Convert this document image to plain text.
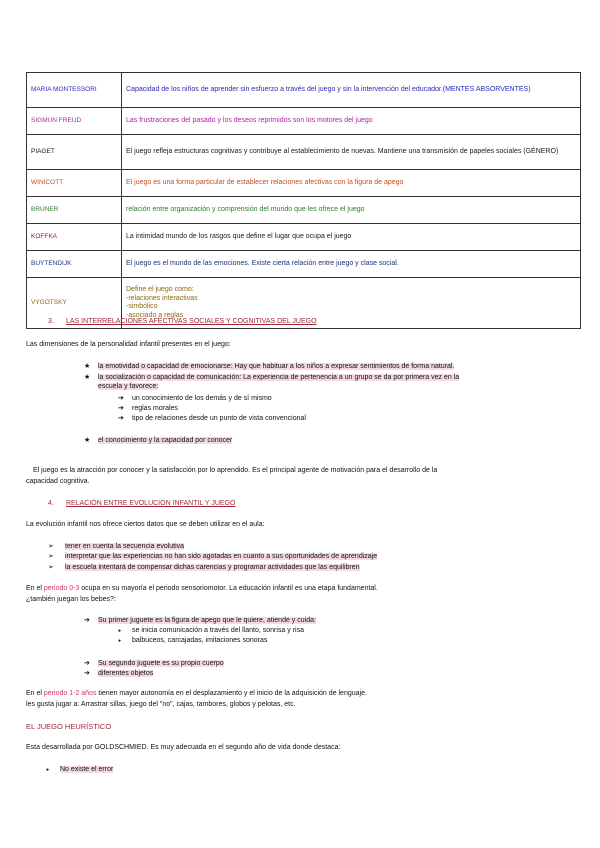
MARIA MONTESSORI	Capacidad de los niños de aprender sin esfuerzo a través del juego y sin la intervención del educador.(MENTES ABSORVENTES)
SIGMUN FREUD	Las frustraciones del pasado y los deseos reprimidos son los motores del juego
PIAGET	El juego refleja estructuras cognitivas y contribuye al establecimiento de nuevas. Mantiene una transmisión de papeles sociales (GÉNERO)
WINICOTT	El juego es una forma particular de establecer relaciones afectivas con la figura de apego
BRUNER	relación entre organización y comprensión del mundo que les ofrece el juego
KOFFKA	La intimidad mundo de los rasgos que define el lugar que ocupa el juego
BUYTENDIJK	El juego es el mundo de las emociones. Existe cierta relación entre juego y clase social.
VYGOTSKY	Define el juego como:
-relaciones interactivas
-simbólico
-asociado a reglas
3. LAS INTERRELACIONES AFECTIVAS SOCIALES Y COGNITIVAS DEL JUEGO
Las dimensiones de la personalidad infantil presentes en el juego:
★ la emotividad o capacidad de emocionarse: Hay que habituar a los niños a expresar sentimientos de forma natural.
★ la socialización o capacidad de comunicación: La experiencia de pertenencia a un grupo se da por primera vez en la
escuela y favorece:
➔ un conocimiento de los demás y de sí mismo
➔ reglas morales
➔ tipo de relaciones desde un punto de vista convencional
★ el conocimiento y la capacidad por conocer
El juego es la atracción por conocer y la satisfacción por lo aprendido. Es el principal agente de motivación para el desarrollo de la
capacidad cognitiva.
4. RELACIÓN ENTRE EVOLUCIÓN INFANTIL Y JUEGO
La evolución infantil nos ofrece ciertos datos que se deben utilizar en el aula:
➢ tener en cuenta la secuencia evolutiva
➢ interpretar que las experiencias no han sido agotadas en cuanto a sus oportunidades de aprendizaje
➢ la escuela intentará de compensar dichas carencias y programar actividades que las equilibren
En el periodo 0-3 ocupa en su mayoría el periodo sensoriomotor. La educación infantil es una etapa fundamental.
¿también juegan los bebes?:
➔ Su primer juguete es la figura de apego que le quiere, atiende y cuida:
● se inicia comunicación a través del llanto, sonrisa y risa
● balbuceos, carcajadas, imitaciones sonoras
➔ Su segundo juguete es su propio cuerpo
➔ diferentes objetos
En el periodo 1-2 años tienen mayor autonomía en el desplazamiento y el inicio de la adquisición de lenguaje.
les gusta jugar a: Arrastrar sillas, juego del "no", cajas, tambores, globos y pelotas, etc.
EL JUEGO HEURÍSTICO
Esta desarrollada por GOLDSCHMIED. Es muy adecuada en el segundo año de vida donde destaca:
● No existe el error
